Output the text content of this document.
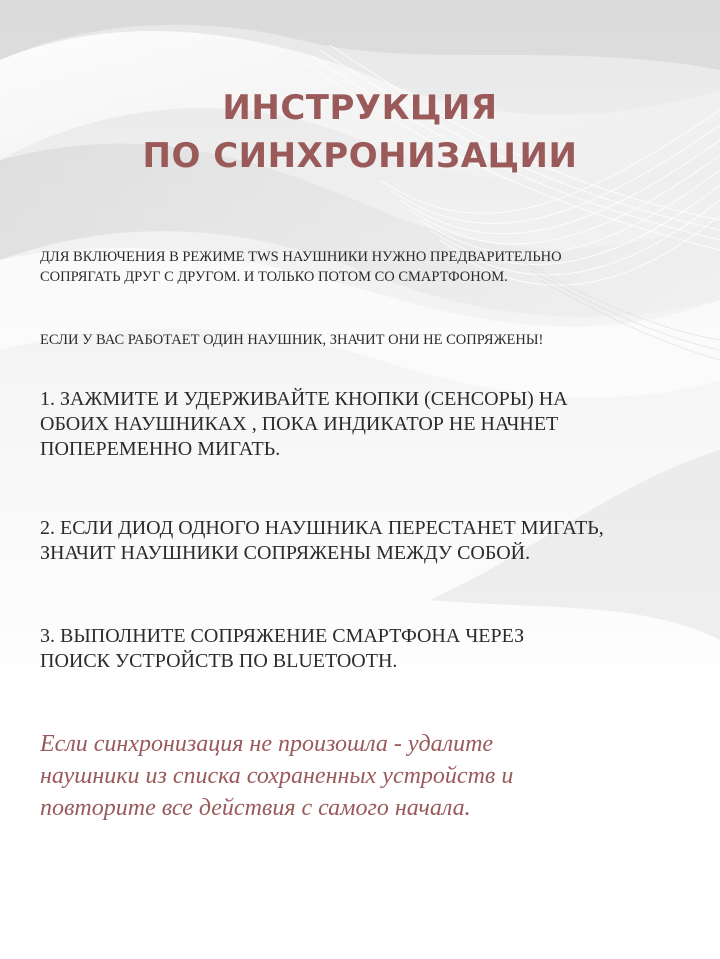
ИНСТРУКЦИЯ
ПО СИНХРОНИЗАЦИИ

ДЛЯ ВКЛЮЧЕНИЯ В РЕЖИМЕ TWS НАУШНИКИ НУЖНО ПРЕДВАРИТЕЛЬНО
СОПРЯГАТЬ ДРУГ С ДРУГОМ. И ТОЛЬКО ПОТОМ СО СМАРТФОНОМ.

ЕСЛИ У ВАС РАБОТАЕТ ОДИН НАУШНИК, ЗНАЧИТ ОНИ НЕ СОПРЯЖЕНЫ!

1. ЗАЖМИТЕ И УДЕРЖИВАЙТЕ КНОПКИ (СЕНСОРЫ) НА
ОБОИХ НАУШНИКАХ , ПОКА ИНДИКАТОР НЕ НАЧНЕТ
ПОПЕРЕМЕННО МИГАТЬ.

2. ЕСЛИ ДИОД ОДНОГО НАУШНИКА ПЕРЕСТАНЕТ МИГАТЬ,
ЗНАЧИТ НАУШНИКИ СОПРЯЖЕНЫ МЕЖДУ СОБОЙ.

3. ВЫПОЛНИТЕ СОПРЯЖЕНИЕ СМАРТФОНА ЧЕРЕЗ
ПОИСК УСТРОЙСТВ ПО BLUETOOTH.

Если синхронизация не произошла - удалите
наушники из списка сохраненных устройств и
повторите все действия с самого начала.
